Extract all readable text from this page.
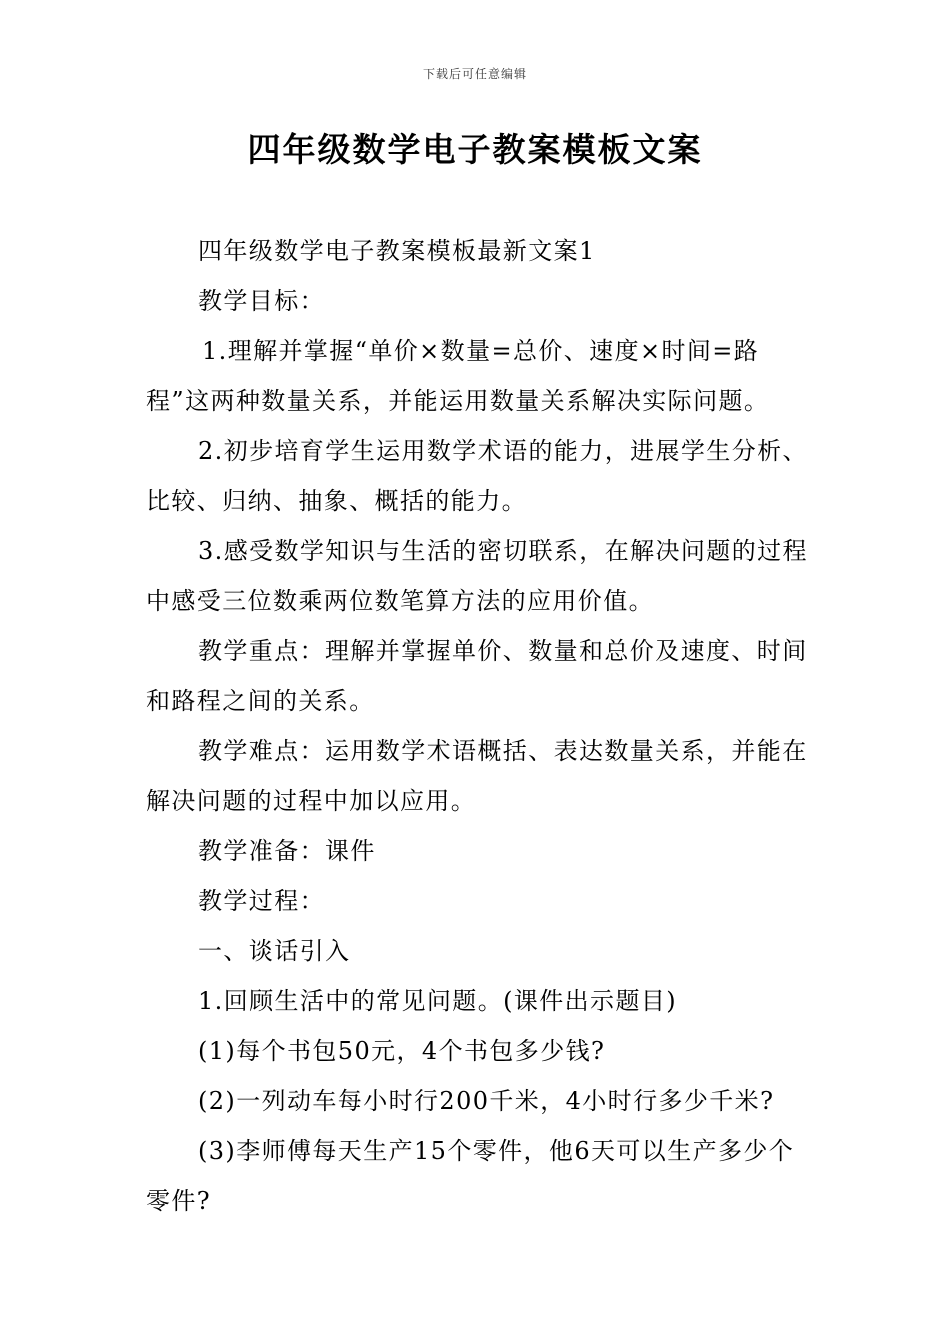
下载后可任意编辑
四年级数学电子教案模板文案

四年级数学电子教案模板最新文案1

教学目标：

1.理解并掌握“单价×数量=总价、速度×时间=路程”这两种数量关系，并能运用数量关系解决实际问题。

2.初步培育学生运用数学术语的能力，进展学生分析、比较、归纳、抽象、概括的能力。

3.感受数学知识与生活的密切联系，在解决问题的过程中感受三位数乘两位数笔算方法的应用价值。

教学重点：理解并掌握单价、数量和总价及速度、时间和路程之间的关系。

教学难点：运用数学术语概括、表达数量关系，并能在解决问题的过程中加以应用。

教学准备：课件

教学过程：

一、谈话引入

1.回顾生活中的常见问题。(课件出示题目)

(1)每个书包50元，4个书包多少钱?

(2)一列动车每小时行200千米，4小时行多少千米?

(3)李师傅每天生产15个零件，他6天可以生产多少个零件?
